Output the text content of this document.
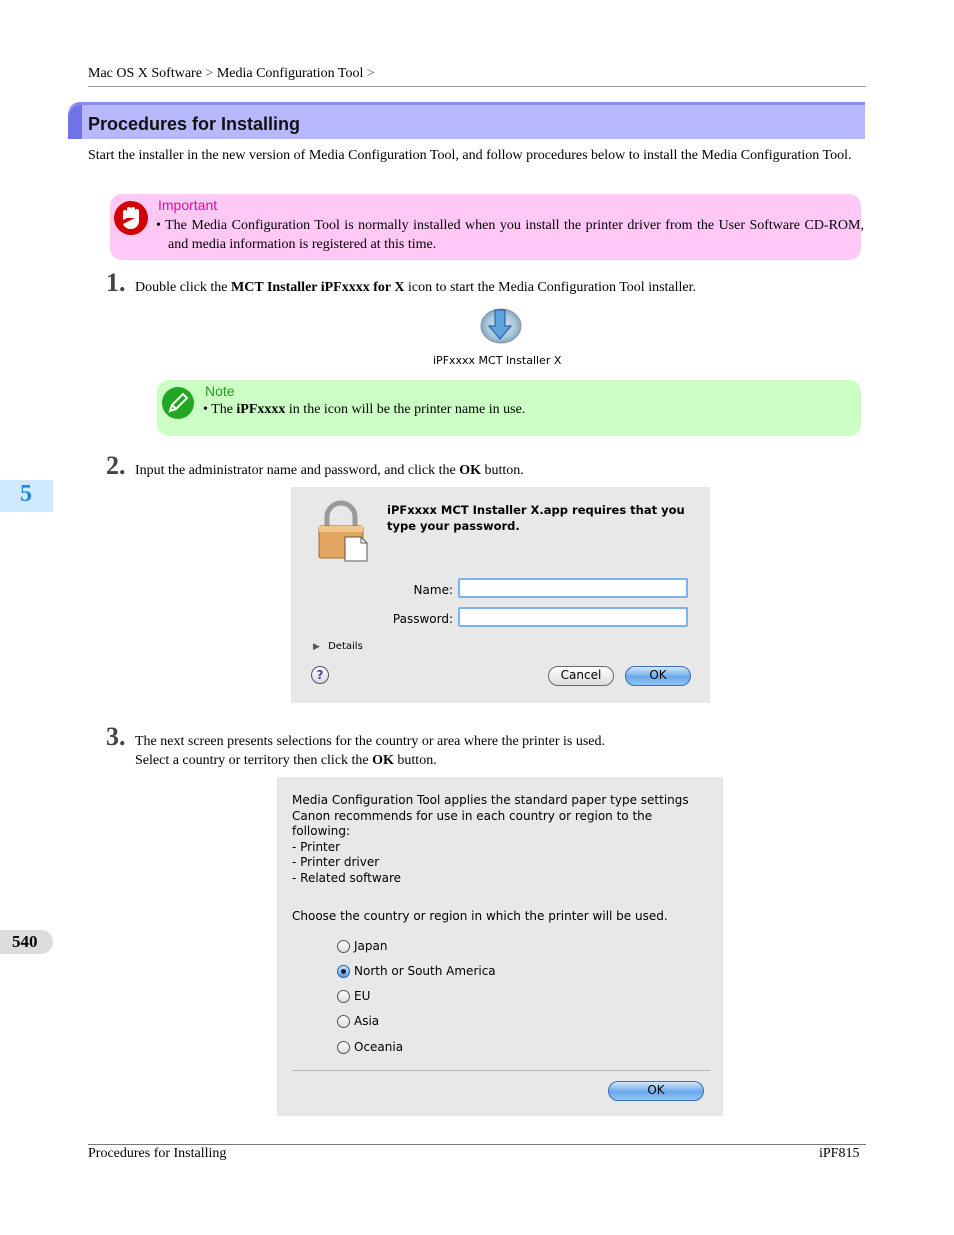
Mac OS X Software > Media Configuration Tool >
Procedures for Installing

Start the installer in the new version of Media Configuration Tool, and follow procedures below to install the Media Configuration Tool.

Important
• The Media Configuration Tool is normally installed when you install the printer driver from the User Software CD-ROM, and media information is registered at this time.
1. Double click the MCT Installer iPFxxxx for X icon to start the Media Configuration Tool installer.
iPFxxxx MCT Installer X
Note
• The iPFxxxx in the icon will be the printer name in use.
5
2. Input the administrator name and password, and click the OK button.
iPFxxxx MCT Installer X.app requires that you type your password.
Name:
Password:
▶ Details
?	Cancel	OK
3. The next screen presents selections for the country or area where the printer is used.
Select a country or territory then click the OK button.
540
Media Configuration Tool applies the standard paper type settings
Canon recommends for use in each country or region to the
following:
- Printer
- Printer driver
- Related software
Choose the country or region in which the printer will be used.
Japan
North or South America
EU
Asia
Oceania
OK
Procedures for Installing	iPF815
